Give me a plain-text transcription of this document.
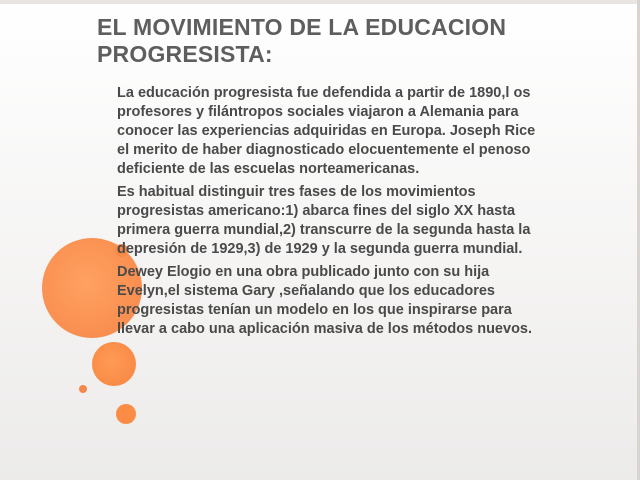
EL MOVIMIENTO DE LA EDUCACION
PROGRESISTA:
La educación progresista fue defendida a partir de 1890,l os
profesores y filántropos sociales viajaron a Alemania para
conocer las experiencias adquiridas en Europa. Joseph Rice
el merito de haber diagnosticado elocuentemente el penoso
deficiente de las escuelas norteamericanas.
Es habitual distinguir tres fases de los movimientos
progresistas americano:1) abarca fines del siglo XX hasta
primera guerra mundial,2) transcurre de la segunda hasta la
depresión de 1929,3) de 1929 y la segunda guerra mundial.
Dewey Elogio en una obra publicado junto con su hija
Evelyn,el sistema Gary ,señalando que los educadores
progresistas tenían un modelo en los que inspirarse para
llevar a cabo una aplicación masiva de los métodos nuevos.
